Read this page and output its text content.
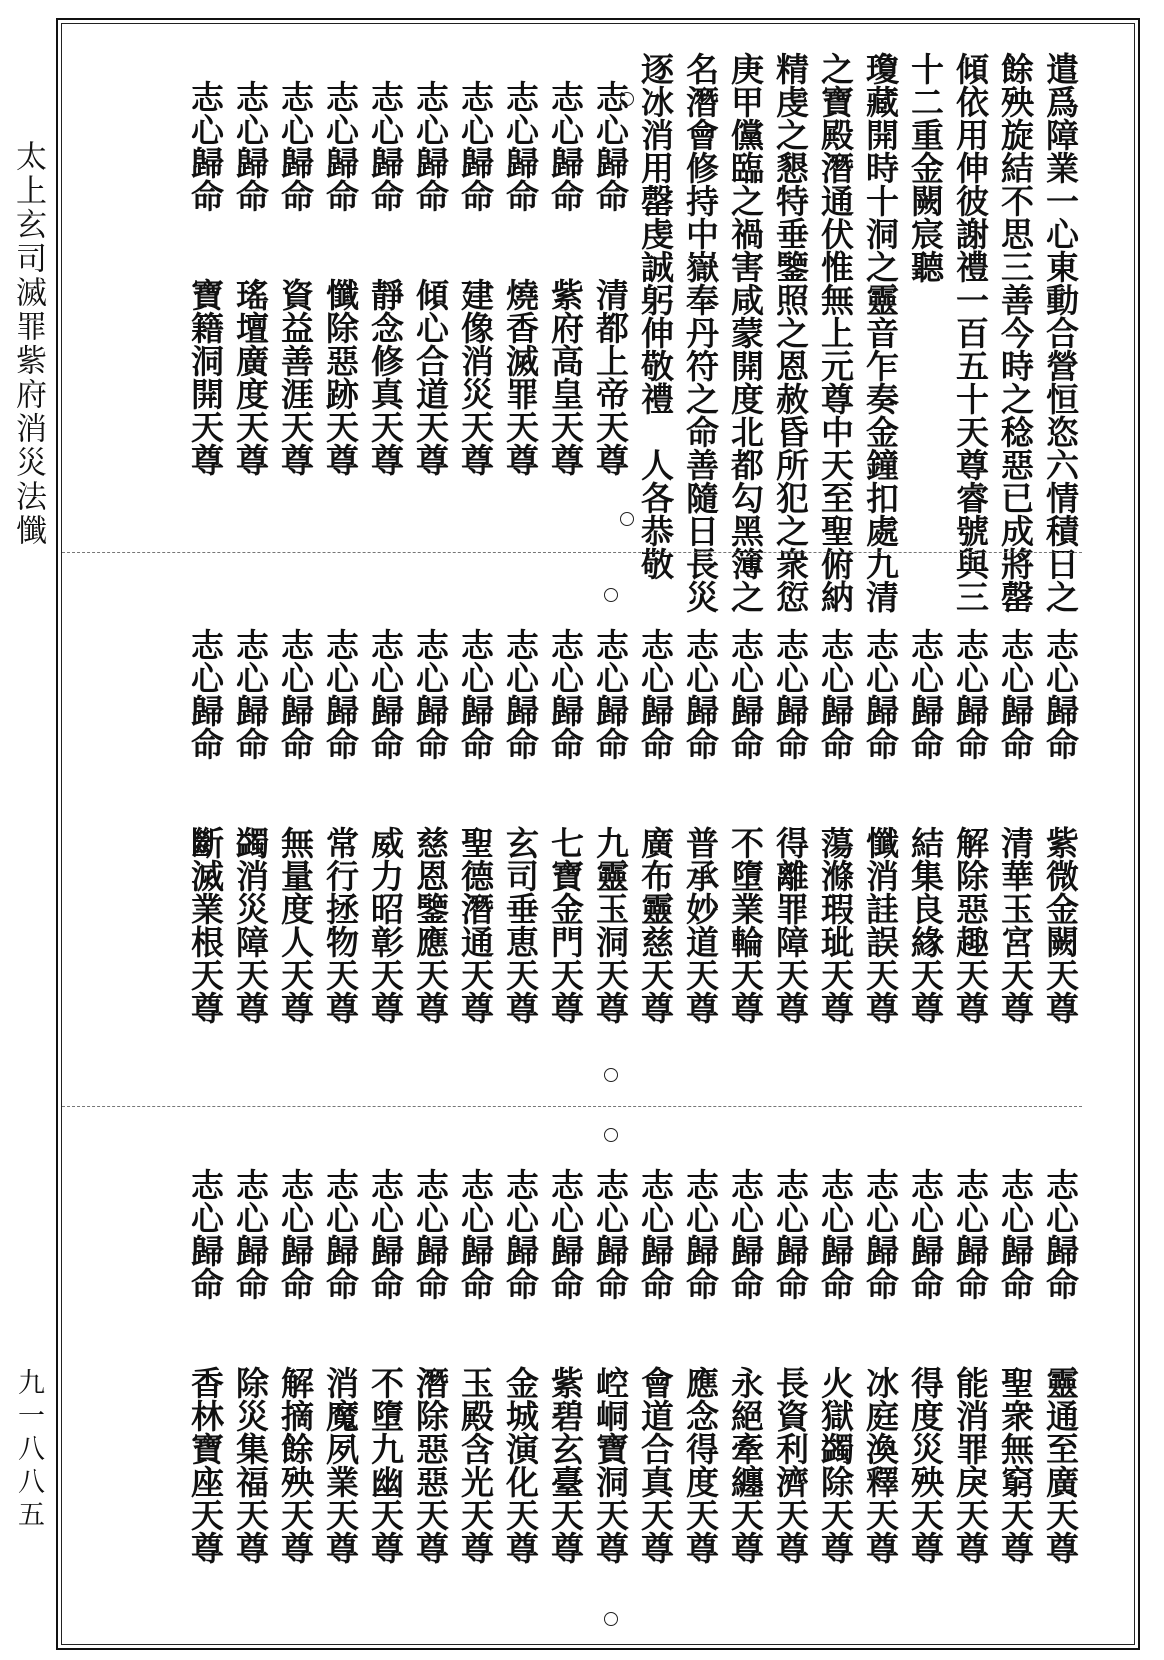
太上玄司滅罪紫府消災法懺
九一八八五
遣爲障業一心東動合營恒恣六情積日之
餘殃旋結不思三善今時之稔惡已成將罄
傾依用伸彼謝禮一百五十天尊睿號與三
十二重金闕宸聽
瓊藏開時十洞之靈音乍奏金鐘扣處九清
之寶殿潛通伏惟無上元尊中天至聖俯納
精虔之懇特垂鑒照之恩赦昏所犯之衆愆
庚甲儻臨之禍害咸蒙開度北都勾黑簿之
名潛會修持中嶽奉丹符之命善隨日長災
逐冰消用罄虔誠躬伸敬禮　人各恭敬
志心歸命
清都上帝天尊
志心歸命
紫府高皇天尊
志心歸命
燒香滅罪天尊
志心歸命
建像消災天尊
志心歸命
傾心合道天尊
志心歸命
靜念修真天尊
志心歸命
懺除惡跡天尊
志心歸命
資益善涯天尊
志心歸命
瑤壇廣度天尊
志心歸命
寶籍洞開天尊
志心歸命
紫微金闕天尊
志心歸命
清華玉宮天尊
志心歸命
解除惡趣天尊
志心歸命
結集良緣天尊
志心歸命
懺消詿誤天尊
志心歸命
蕩滌瑕玼天尊
志心歸命
得離罪障天尊
志心歸命
不墮業輪天尊
志心歸命
普承妙道天尊
志心歸命
廣布靈慈天尊
志心歸命
九靈玉洞天尊
志心歸命
七寶金門天尊
志心歸命
玄司垂恵天尊
志心歸命
聖德潛通天尊
志心歸命
慈恩鑒應天尊
志心歸命
威力昭彰天尊
志心歸命
常行拯物天尊
志心歸命
無量度人天尊
志心歸命
蠲消災障天尊
志心歸命
斷滅業根天尊
志心歸命
靈通至廣天尊
志心歸命
聖衆無窮天尊
志心歸命
能消罪戾天尊
志心歸命
得度災殃天尊
志心歸命
冰庭渙釋天尊
志心歸命
火獄蠲除天尊
志心歸命
長資利濟天尊
志心歸命
永絕牽纏天尊
志心歸命
應念得度天尊
志心歸命
會道合真天尊
志心歸命
崆峒寶洞天尊
志心歸命
紫碧玄臺天尊
志心歸命
金城演化天尊
志心歸命
玉殿含光天尊
志心歸命
潛除惡惡天尊
志心歸命
不墮九幽天尊
志心歸命
消魔夙業天尊
志心歸命
解摘餘殃天尊
志心歸命
除災集福天尊
志心歸命
香林寶座天尊
